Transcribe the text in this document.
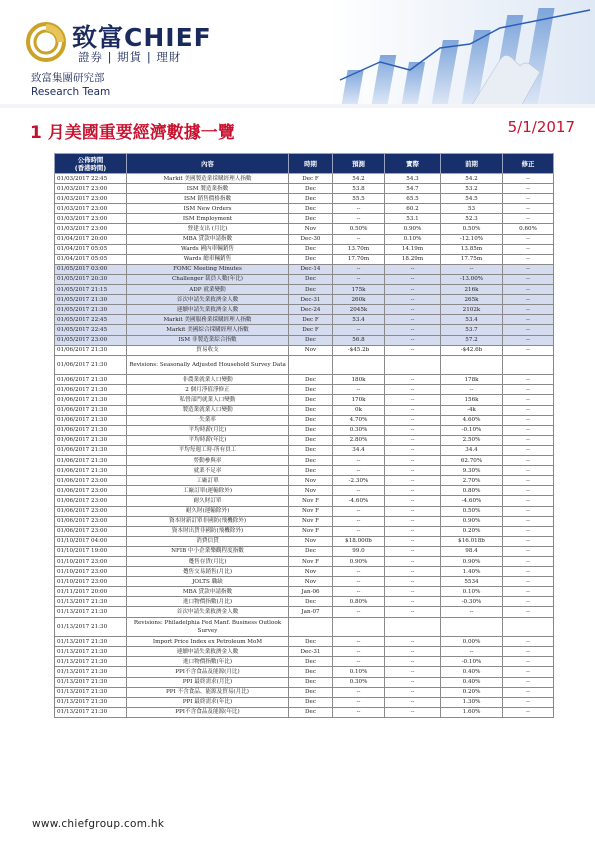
致富CHIEF
證券 | 期貨 | 理財
致富集團研究部
Research Team
1 月美國重要經濟數據一覽	5/1/2017
公佈時間
(香港時間)	內容	時期	預測	實際	前期	修正
01/03/2017 22:45	Markit 美國製造業採購經理人指數	Dec F	54.2	54.3	54.2	--
01/03/2017 23:00	ISM 製造業指數	Dec	53.8	54.7	53.2	--
01/03/2017 23:00	ISM 銷售價格指數	Dec	55.5	65.5	54.5	--
01/03/2017 23:00	ISM New Orders	Dec	--	60.2	53	--
01/03/2017 23:00	ISM Employment	Dec	--	53.1	52.3	--
01/03/2017 23:00	營建支出 (月比)	Nov	0.50%	0.90%	0.50%	0.60%
01/04/2017 20:00	MBA 貸款申請指數	Dec-30	--	0.10%	-12.10%	--
01/04/2017 05:05	Wards 國內車輛銷售	Dec	13.70m	14.19m	13.85m	--
01/04/2017 05:05	Wards 總車輛銷售	Dec	17.70m	18.29m	17.75m	--
01/05/2017 03:00	FOMC Meeting Minutes	Dec-14	--	--	--	--
01/05/2017 20:30	Challenger 裁員人數(年比)	Dec	--	--	-13.00%	--
01/05/2017 21:15	ADP 就業變動	Dec	175k	--	216k	--
01/05/2017 21:30	首次申請失業救濟金人數	Dec-31	260k	--	265k	--
01/05/2017 21:30	連續申請失業救濟金人數	Dec-24	2045k	--	2102k	--
01/05/2017 22:45	Markit 美國服務業採購經理人指數	Dec F	53.4	--	53.4	--
01/05/2017 22:45	Markit 美國綜合採購經理人指數	Dec F	--	--	53.7	--
01/05/2017 23:00	ISM 非製造業綜合指數	Dec	56.8	--	57.2	--
01/06/2017 21:30	貿易收支	Nov	-$45.2b	--	-$42.6b	--
01/06/2017 21:30	Revisions: Seasonally Adjusted Household Survey Data					
01/06/2017 21:30	非農業就業人口變動	Dec	180k	--	178k	--
01/06/2017 21:30	2 個月淨值淨修正	Dec	--	--	--	--
01/06/2017 21:30	私營部門就業人口變動	Dec	170k	--	156k	--
01/06/2017 21:30	製造業就業人口變動	Dec	0k	--	-4k	--
01/06/2017 21:30	失業率	Dec	4.70%	--	4.60%	--
01/06/2017 21:30	平均時薪(月比)	Dec	0.30%	--	-0.10%	--
01/06/2017 21:30	平均時薪(年比)	Dec	2.80%	--	2.50%	--
01/06/2017 21:30	平均每週工時-所有員工	Dec	34.4	--	34.4	--
01/06/2017 21:30	勞動參與率	Dec	--	--	62.70%	--
01/06/2017 21:30	就業不足率	Dec	--	--	9.30%	--
01/06/2017 23:00	工廠訂單	Nov	-2.30%	--	2.70%	--
01/06/2017 23:00	工廠訂單(運輸除外)	Nov	--	--	0.80%	--
01/06/2017 23:00	耐久財訂單	Nov F	-4.60%	--	-4.60%	--
01/06/2017 23:00	耐久財(運輸除外)	Nov F	--	--	0.50%	--
01/06/2017 23:00	資本財新訂單非國防(飛機除外)	Nov F	--	--	0.90%	--
01/06/2017 23:00	資本財出貨非國防(飛機除外)	Nov F	--	--	0.20%	--
01/10/2017 04:00	消費信貸	Nov	$18.000b	--	$16.018b	--
01/10/2017 19:00	NFIB 中小企業樂觀程度指數	Dec	99.0	--	98.4	--
01/10/2017 23:00	躉售存貨(月比)	Nov F	0.90%	--	0.90%	--
01/10/2017 23:00	躉售交易銷售(月比)	Nov	--	--	1.40%	--
01/10/2017 23:00	JOLTS 職缺	Nov	--	--	5534	--
01/11/2017 20:00	MBA 貸款申請指數	Jan-06	--	--	0.10%	--
01/13/2017 21:30	進口物價指數(月比)	Dec	0.80%	--	-0.30%	--
01/13/2017 21:30	首次申請失業救濟金人數	Jan-07	--	--	--	--
01/13/2017 21:30	Revisions: Philadelphia Fed Manf. Business Outlook Survey					
01/13/2017 21:30	Import Price Index ex Petroleum MoM	Dec	--	--	0.00%	--
01/13/2017 21:30	連續申請失業救濟金人數	Dec-31	--	--	--	--
01/13/2017 21:30	進口物價指數(年比)	Dec	--	--	-0.10%	--
01/13/2017 21:30	PPI不含食品及能源(月比)	Dec	0.10%	--	0.40%	--
01/13/2017 21:30	PPI 最終需求(月比)	Dec	0.30%	--	0.40%	--
01/13/2017 21:30	PPI 不含食品、能源及貿易(月比)	Dec	--	--	0.20%	--
01/13/2017 21:30	PPI 最終需求(年比)	Dec	--	--	1.30%	--
01/13/2017 21:30	PPI不含食品及能源(年比)	Dec	--	--	1.60%	--
www.chiefgroup.com.hk
